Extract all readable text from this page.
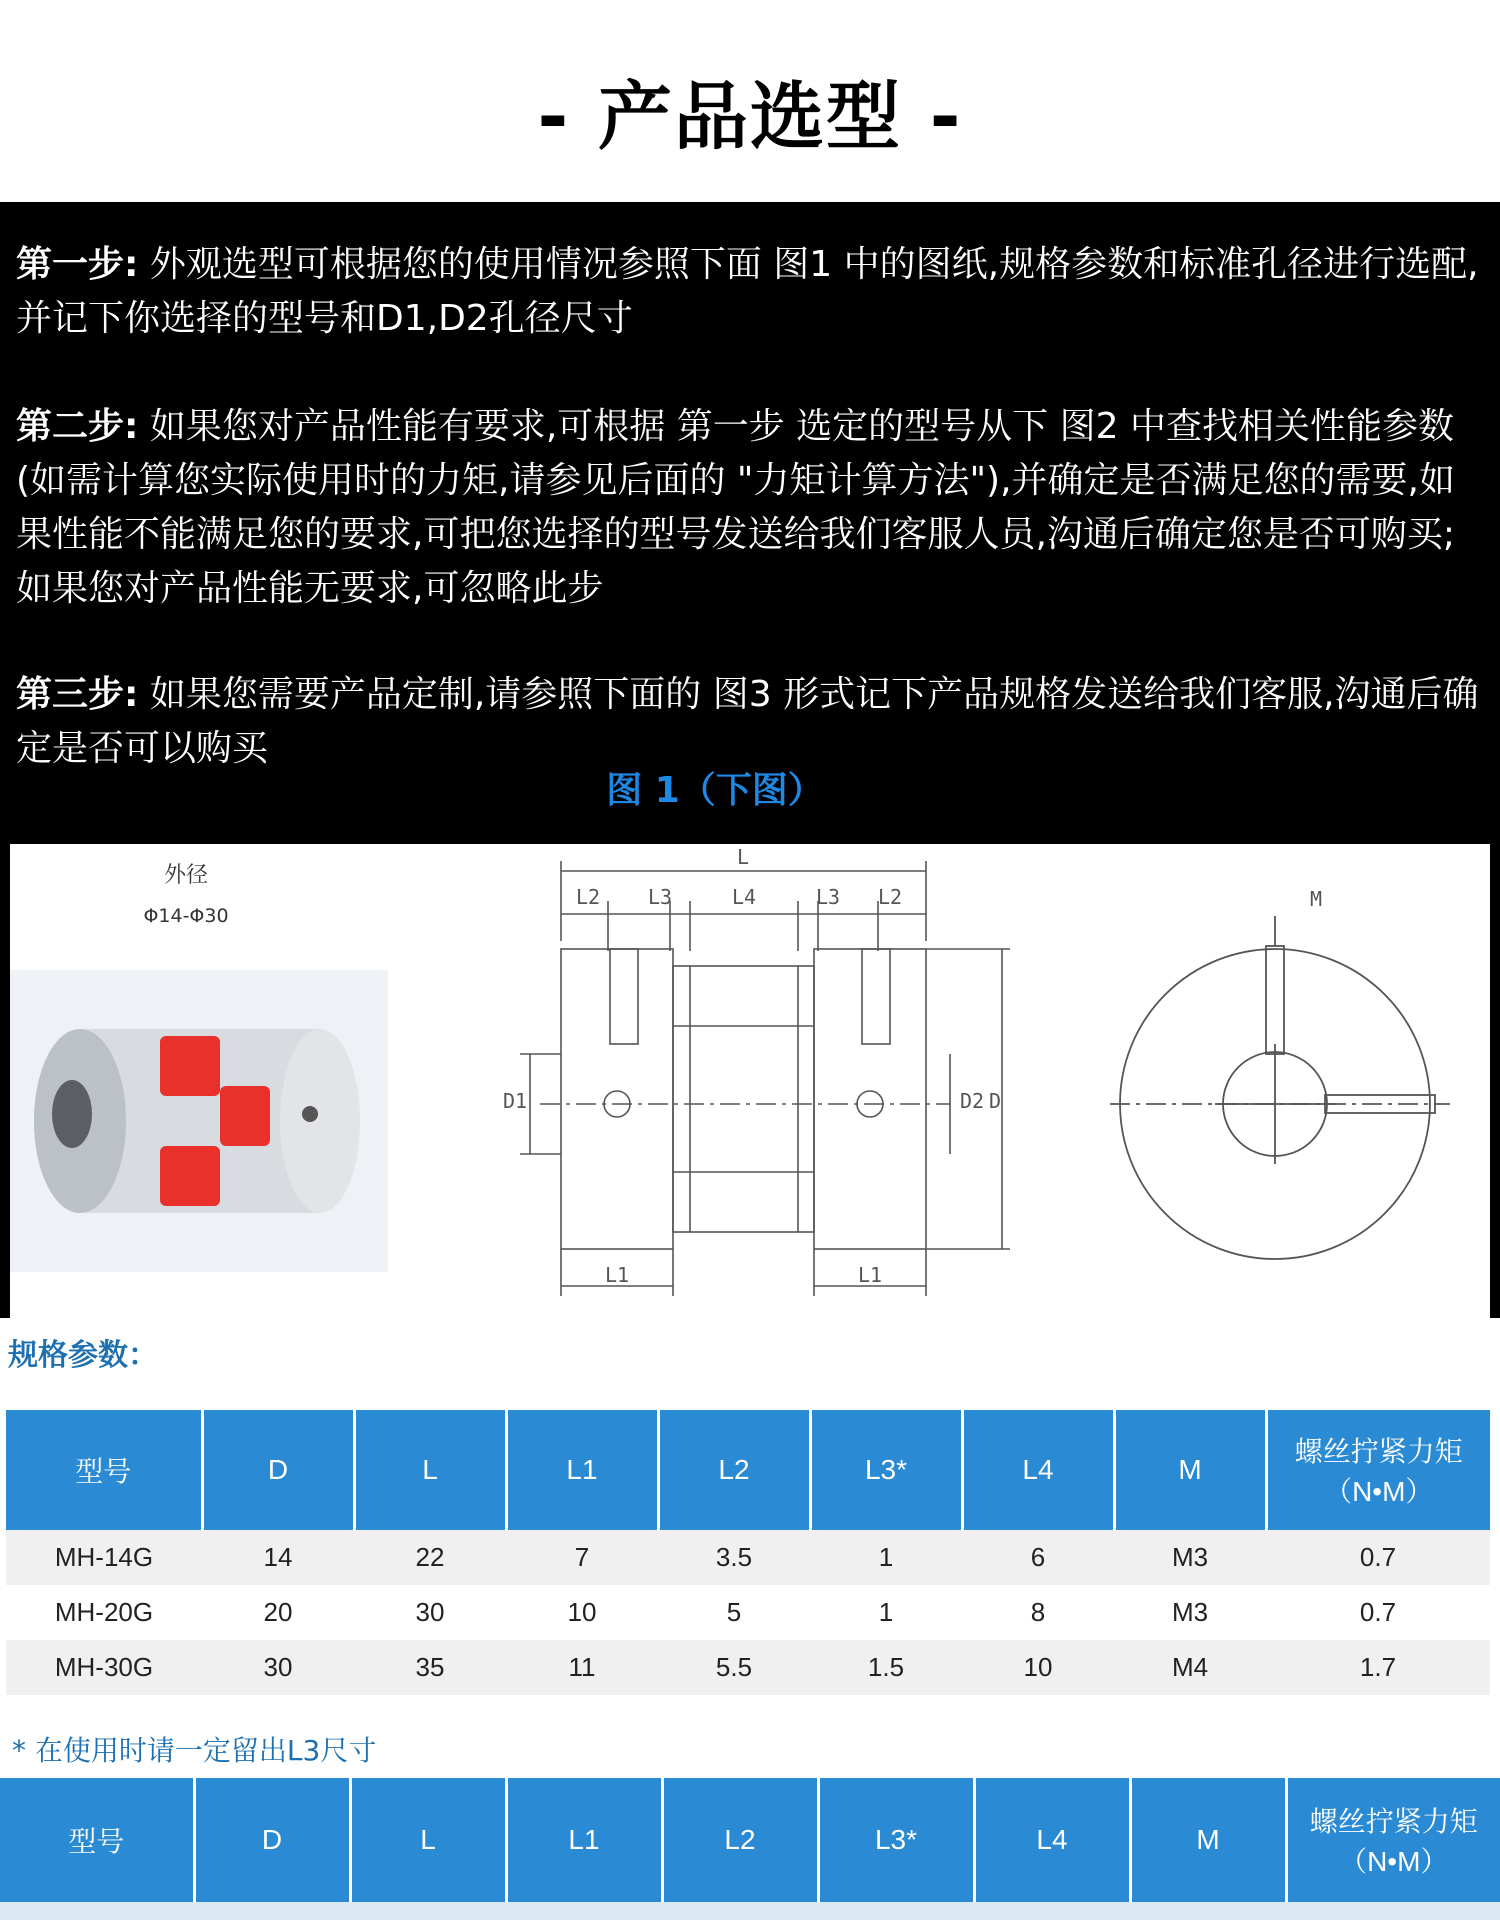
- 产品选型 -
第一步: 外观选型可根据您的使用情况参照下面 图1 中的图纸,规格参数和标准孔径进行选配,并记下你选择的型号和D1,D2孔径尺寸
第二步: 如果您对产品性能有要求,可根据 第一步 选定的型号从下 图2 中查找相关性能参数(如需计算您实际使用时的力矩,请参见后面的 "力矩计算方法"),并确定是否满足您的需要,如果性能不能满足您的要求,可把您选择的型号发送给我们客服人员,沟通后确定您是否可购买;如果您对产品性能无要求,可忽略此步
第三步: 如果您需要产品定制,请参照下面的 图3 形式记下产品规格发送给我们客服,沟通后确定是否可以购买
图 1（下图）
外径
Φ14-Φ30
L
L2 L3	L4	L3 L2
D1	D2 D
L1	L1
M
规格参数：
型号	D	L	L1	L2	L3*	L4	M	螺丝拧紧力矩
（N•M）

MH-14G	14	22	7	3.5	1	6	M3	0.7
MH-20G	20	30	10	5	1	8	M3	0.7
MH-30G	30	35	11	5.5	1.5	10	M4	1.7
* 在使用时请一定留出L3尺寸
型号	D	L	L1	L2	L3*	L4	M	
螺丝拧紧力矩
（N•M）
